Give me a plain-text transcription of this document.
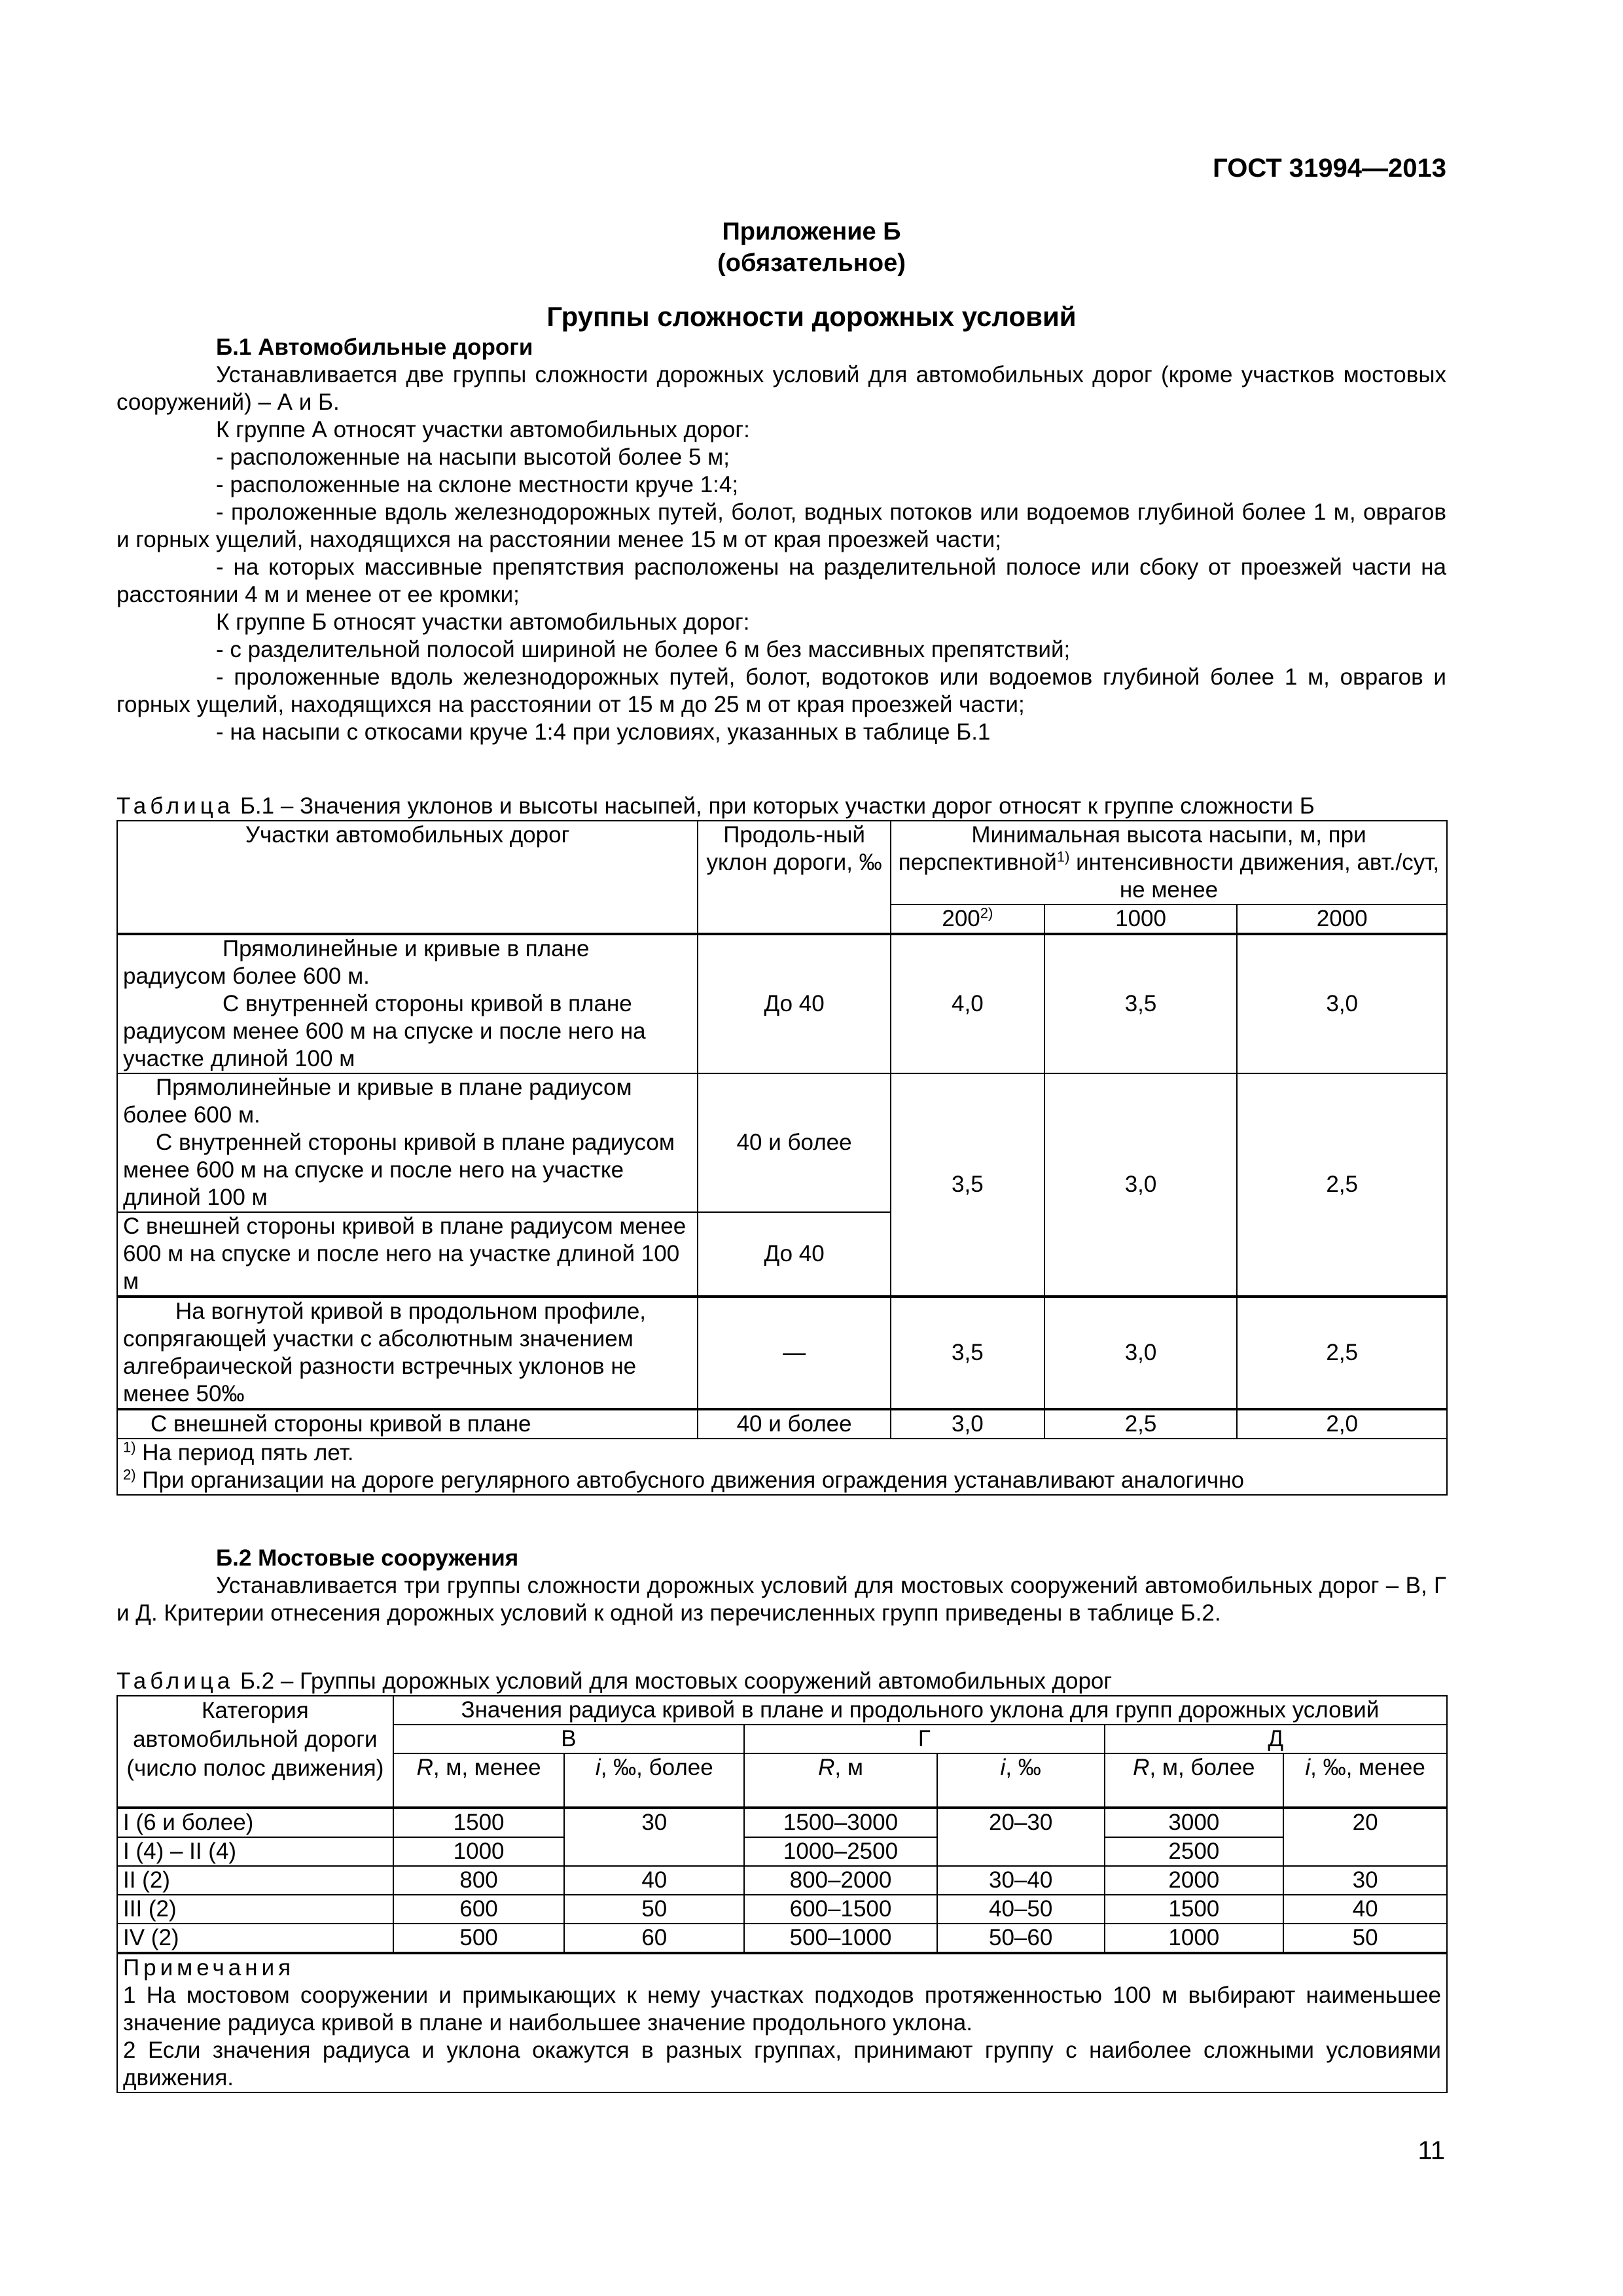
ГОСТ 31994—2013
Приложение Б
(обязательное)
Группы сложности дорожных условий

Б.1 Автомобильные дороги

Устанавливается две группы сложности дорожных условий для автомобильных дорог (кроме участков мостовых сооружений) – А и Б.

К группе А относят участки автомобильных дорог:

- расположенные на насыпи высотой более 5 м;

- расположенные на склоне местности круче 1:4;

- проложенные вдоль железнодорожных путей, болот, водных потоков или водоемов глубиной более 1 м, оврагов и горных ущелий, находящихся на расстоянии менее 15 м от края проезжей части;

- на которых массивные препятствия расположены на разделительной полосе или сбоку от проезжей части на расстоянии 4 м и менее от ее кромки;

К группе Б относят участки автомобильных дорог:

- с разделительной полосой шириной не более 6 м без массивных препятствий;

- проложенные вдоль железнодорожных путей, болот, водотоков или водоемов глубиной более 1 м, оврагов и горных ущелий, находящихся на расстоянии от 15 м до 25 м от края проезжей части;

- на насыпи с откосами круче 1:4 при условиях, указанных в таблице Б.1

Таблица Б.1 – Значения уклонов и высоты насыпей, при которых участки дорог относят к группе сложности Б
Участки автомобильных дорог	Продоль-ный уклон дороги, ‰	Минимальная высота насыпи, м, при перспективной$^{1)}$ интенсивности движения, авт./сут, не менее		
		200$^{2)}$	1000	2000

Прямолинейные и кривые в плане радиусом более 600 м.
С внутренней стороны кривой в плане радиусом менее 600 м на спуске и после него на участке длиной 100 м	До 40	4,0	3,5	3,0

Прямолинейные и кривые в плане радиусом более 600 м.
С внутренней стороны кривой в плане радиусом менее 600 м на спуске и после него на участке длиной 100 м	40 и более	3,5	3,0	2,5
С внешней стороны кривой в плане радиусом менее 600 м на спуске и после него на участке длиной 100 м	До 40			

На вогнутой кривой в продольном профиле, сопрягающей участки с абсолютным значением алгебраической разности встречных уклонов не менее 50‰	—	3,5	3,0	2,5
С внешней стороны кривой в плане	40 и более	3,0	2,5	2,0

$^{1)}$ На период пять лет.
$^{2)}$ При организации на дороге регулярного автобусного движения ограждения устанавливают аналогично				

Б.2 Мостовые сооружения

Устанавливается три группы сложности дорожных условий для мостовых сооружений автомобильных дорог – В, Г и Д. Критерии отнесения дорожных условий к одной из перечисленных групп приведены в таблице Б.2.

Таблица Б.2 – Группы дорожных условий для мостовых сооружений автомобильных дорог
Категория автомобильной дороги (число полос движения)	Значения радиуса кривой в плане и продольного уклона для групп дорожных условий					
	В		Г		Д	
	R, м, менее	i, ‰, более	R, м	i, ‰	R, м, более	i, ‰, менее
I (6 и более)	1500	30	1500–3000	20–30	3000	20
I (4) – II (4)	1000		1000–2500		2500	
II (2)	800	40	800–2000	30–40	2000	30
III (2)	600	50	600–1500	40–50	1500	40
IV (2)	500	60	500–1000	50–60	1000	50

Примечания
1 На мостовом сооружении и примыкающих к нему участках подходов протяженностью 100 м выбирают наименьшее значение радиуса кривой в плане и наибольшее значение продольного уклона.
2 Если значения радиуса и уклона окажутся в разных группах, принимают группу с наиболее сложными условиями движения.						
11
